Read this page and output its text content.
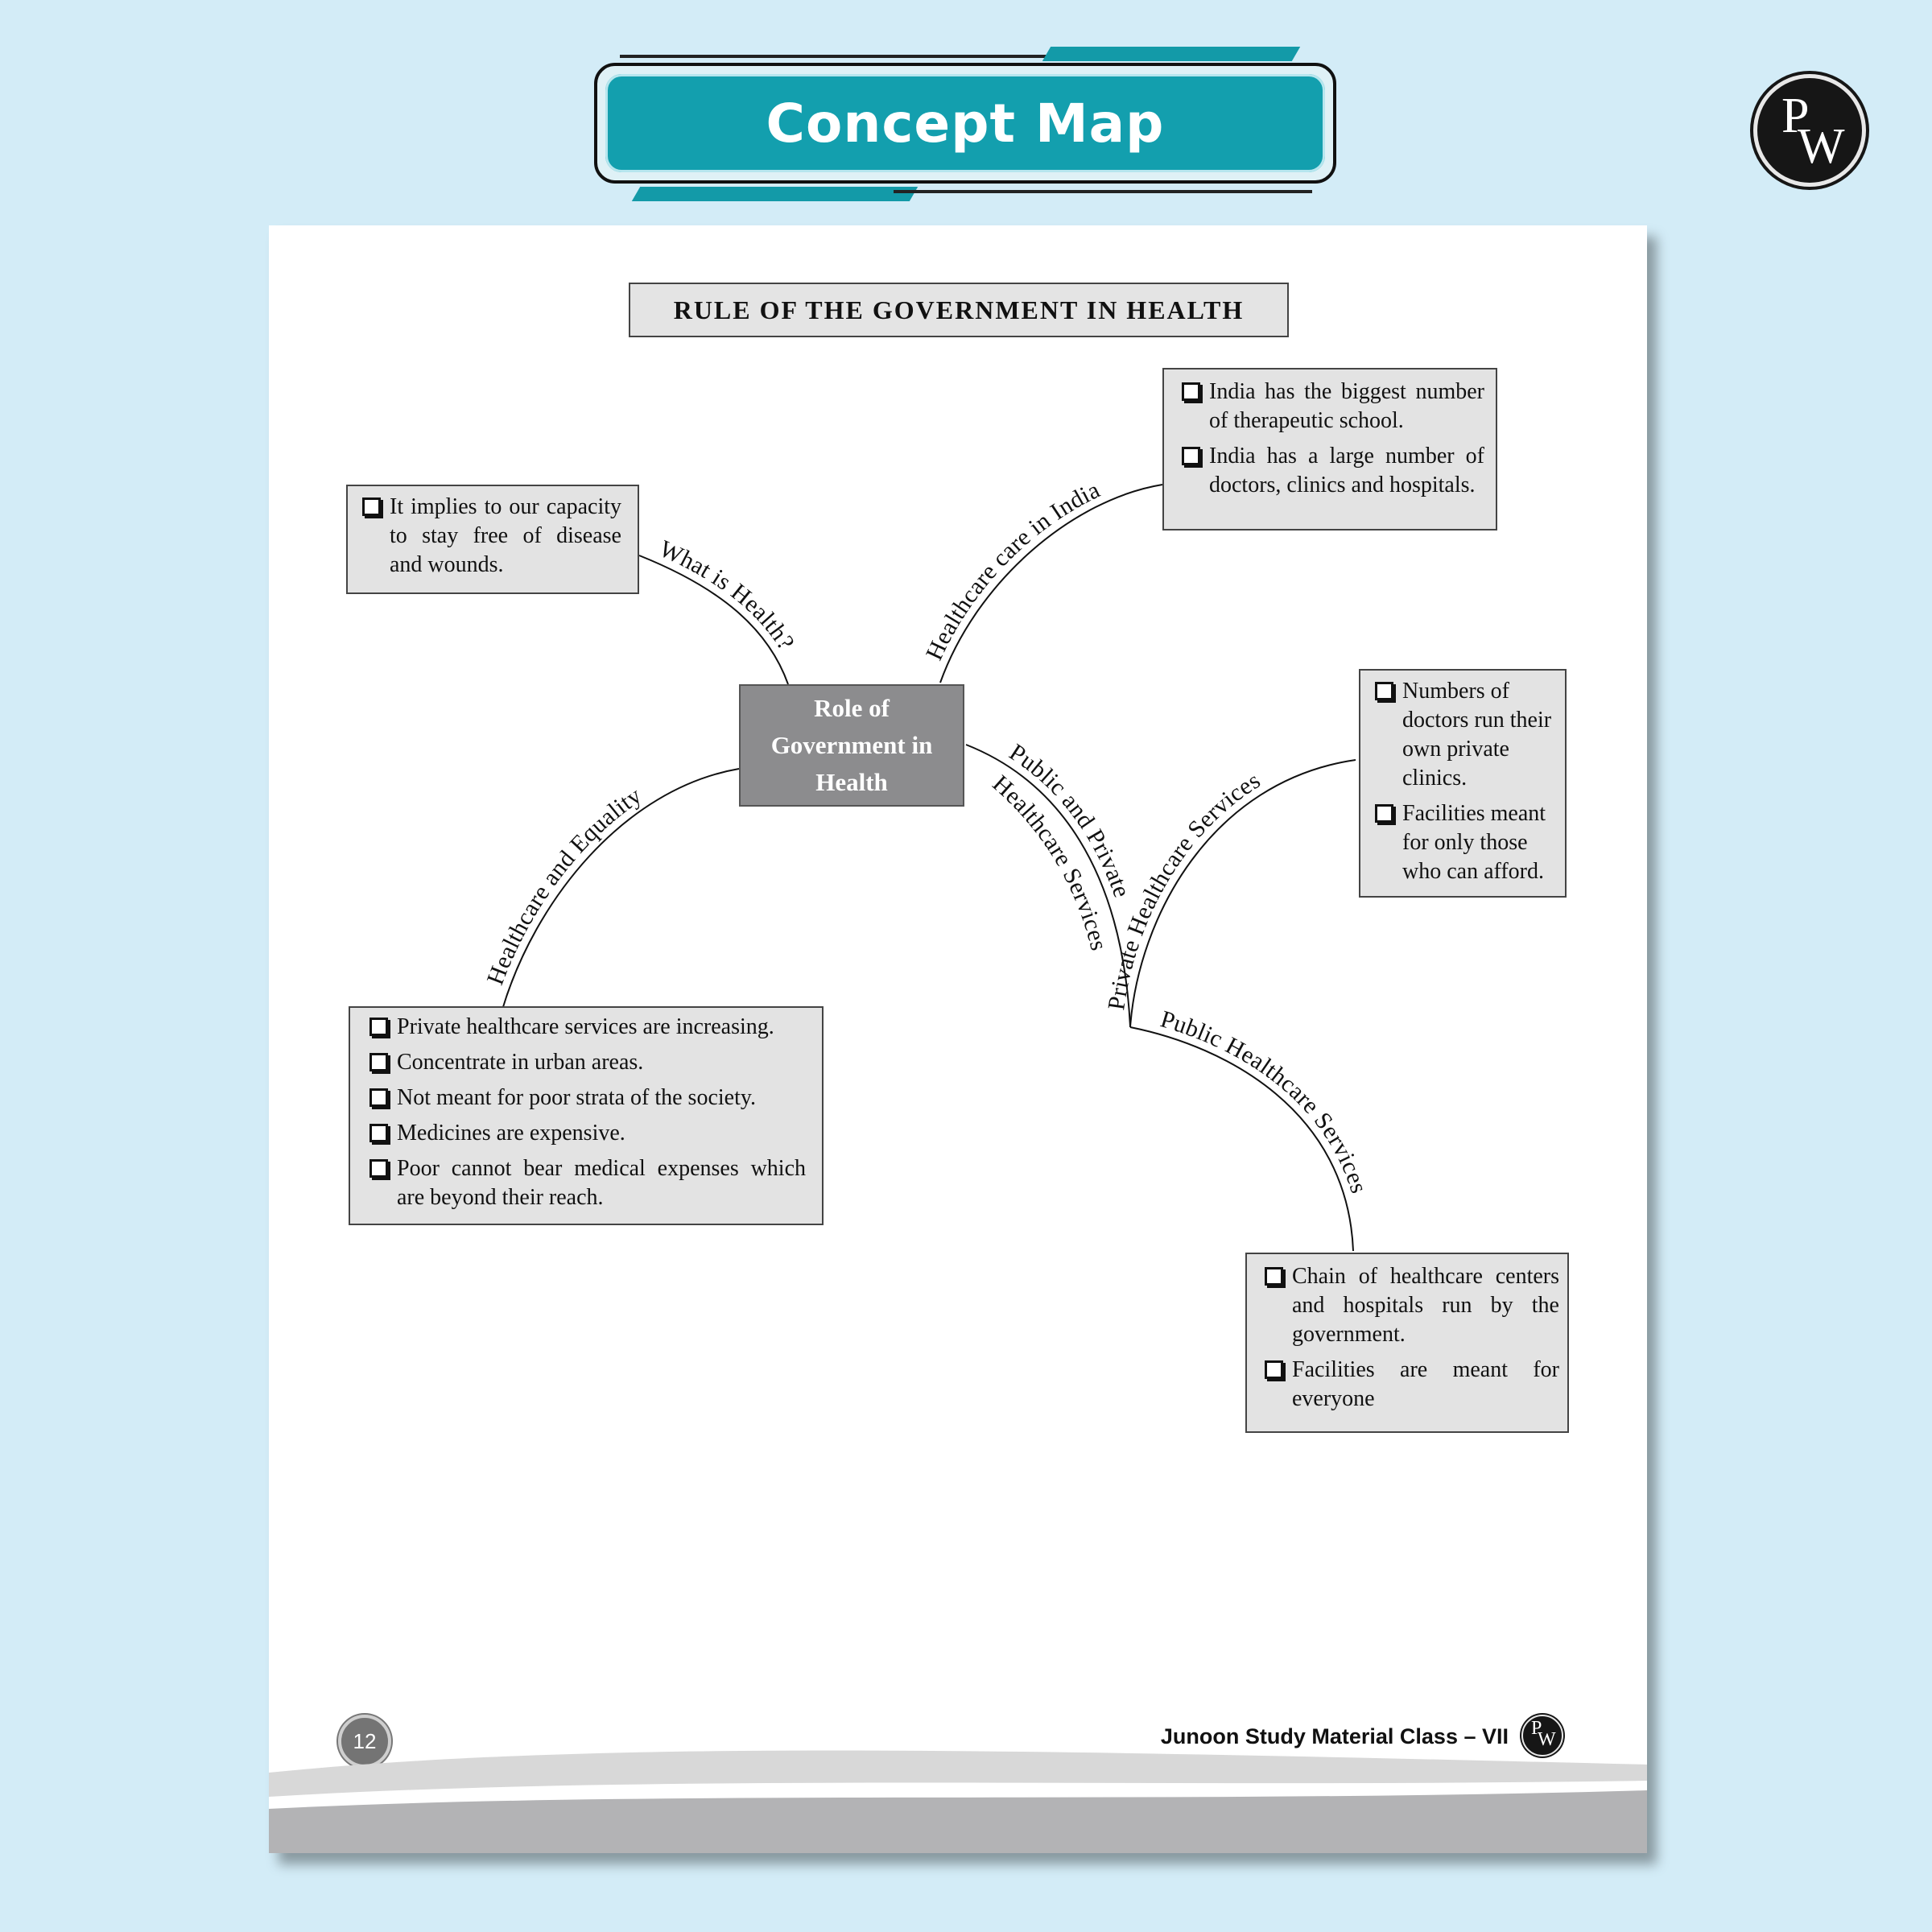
Concept Map	P
W
RULE OF THE GOVERNMENT IN HEALTH
What is Health?	Healthcare care in India
Healthcare and Equality
Public and Private
Healthcare Services
Private Healthcare Services
Public Healthcare Services
Role of
Government in
Health
It implies to our capacity to stay free of disease and wounds.
India has the biggest number of therapeutic school.
India has a large number of doctors, clinics and hospitals.
Numbers of doctors run their own private clinics.
Facilities meant for only those who can afford.
Private healthcare services are increasing.
Concentrate in urban areas.
Not meant for poor strata of the society.
Medicines are expensive.
Poor cannot bear medical expenses which are beyond their reach.
Chain of healthcare centers and hospitals run by the government.
Facilities are meant for everyone
12	Junoon Study Material Class – VII P
W
